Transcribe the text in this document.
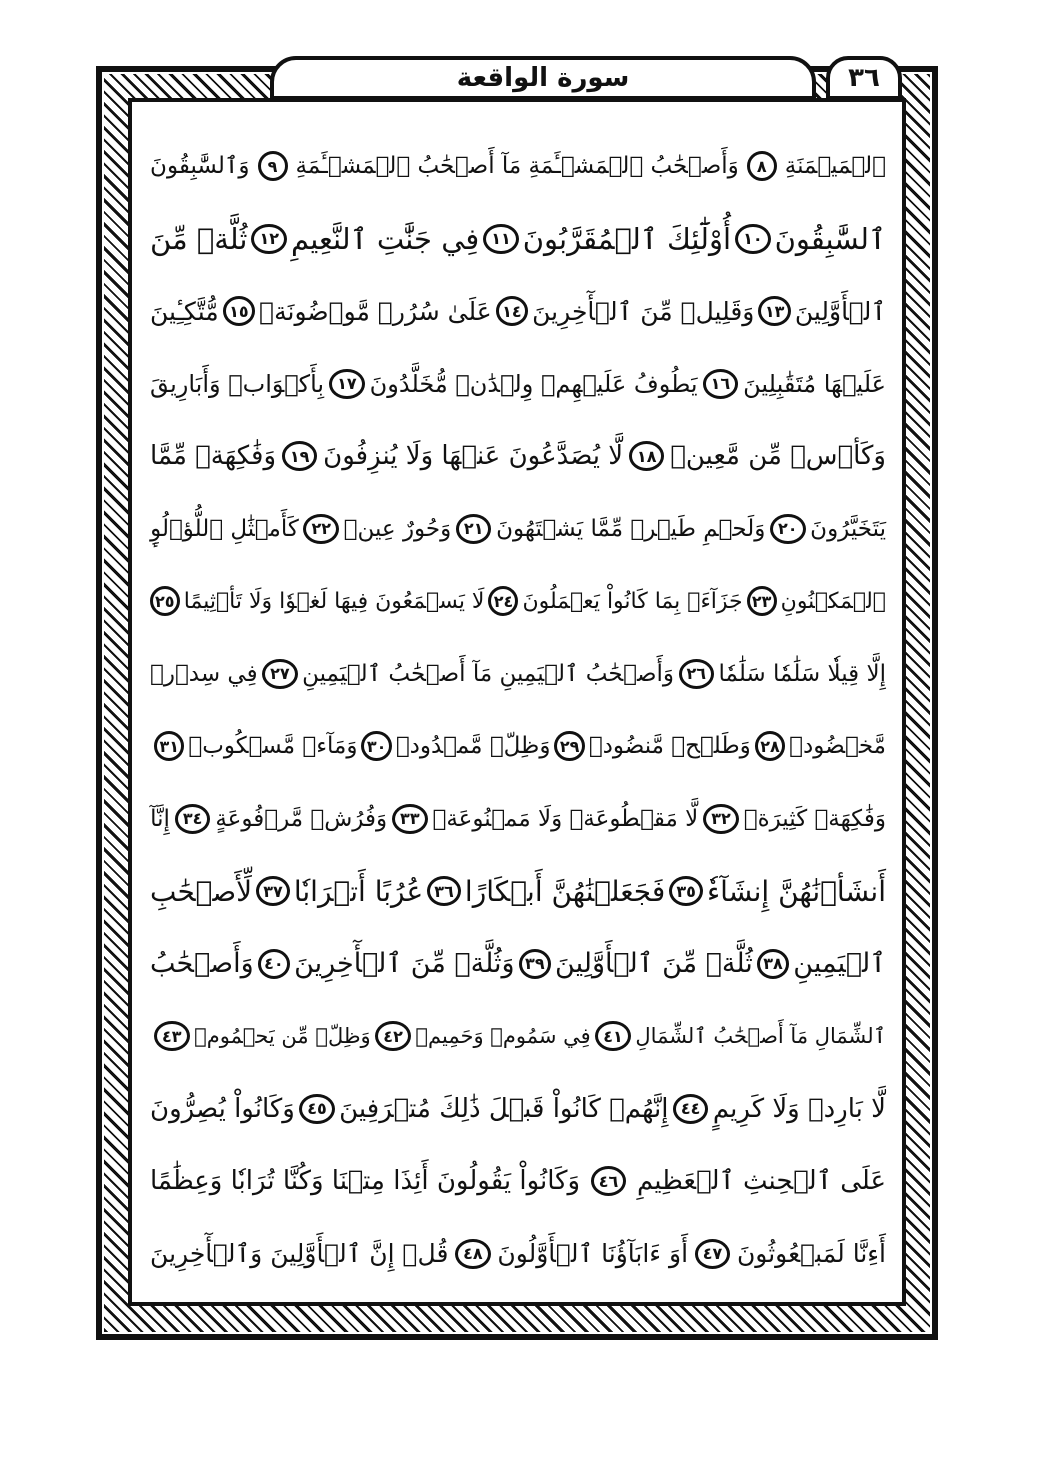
سورة الواقعة	٣٦
ٱلۡمَيۡمَنَةِ
٨
وَأَصۡحَٰبُ ٱلۡمَشۡـَٔمَةِ مَآ أَصۡحَٰبُ ٱلۡمَشۡـَٔمَةِ
٩
وَٱلسَّٰبِقُونَ
ٱلسَّٰبِقُونَ
١٠
أُوْلَٰٓئِكَ ٱلۡمُقَرَّبُونَ
١١
فِي جَنَّٰتِ ٱلنَّعِيمِ
١٢
ثُلَّةٞ مِّنَ
ٱلۡأَوَّلِينَ
١٣
وَقَلِيلٞ مِّنَ ٱلۡأٓخِرِينَ
١٤
عَلَىٰ سُرُرٖ مَّوۡضُونَةٖ
١٥
مُّتَّكِـِٔينَ
عَلَيۡهَا مُتَقَٰبِلِينَ
١٦
يَطُوفُ عَلَيۡهِمۡ وِلۡدَٰنٞ مُّخَلَّدُونَ
١٧
بِأَكۡوَابٖ وَأَبَارِيقَ
وَكَأۡسٖ مِّن مَّعِينٖ
١٨
لَّا يُصَدَّعُونَ عَنۡهَا وَلَا يُنزِفُونَ
١٩
وَفَٰكِهَةٖ مِّمَّا
يَتَخَيَّرُونَ
٢٠
وَلَحۡمِ طَيۡرٖ مِّمَّا يَشۡتَهُونَ
٢١
وَحُورٌ عِينٞ
٢٢
كَأَمۡثَٰلِ ٱللُّؤۡلُوِٕ
ٱلۡمَكۡنُونِ
٢٣
جَزَآءَۢ بِمَا كَانُواْ يَعۡمَلُونَ
٢٤
لَا يَسۡمَعُونَ فِيهَا لَغۡوٗا وَلَا تَأۡثِيمًا
٢٥
إِلَّا قِيلٗا سَلَٰمٗا سَلَٰمٗا
٢٦
وَأَصۡحَٰبُ ٱلۡيَمِينِ مَآ أَصۡحَٰبُ ٱلۡيَمِينِ
٢٧
فِي سِدۡرٖ
مَّخۡضُودٖ
٢٨
وَطَلۡحٖ مَّنضُودٖ
٢٩
وَظِلّٖ مَّمۡدُودٖ
٣٠
وَمَآءٖ مَّسۡكُوبٖ
٣١
وَفَٰكِهَةٖ كَثِيرَةٖ
٣٢
لَّا مَقۡطُوعَةٖ وَلَا مَمۡنُوعَةٖ
٣٣
وَفُرُشٖ مَّرۡفُوعَةٍ
٣٤
إِنَّآ
أَنشَأۡنَٰهُنَّ إِنشَآءٗ
٣٥
فَجَعَلۡنَٰهُنَّ أَبۡكَارًا
٣٦
عُرُبًا أَتۡرَابٗا
٣٧
لِّأَصۡحَٰبِ
ٱلۡيَمِينِ
٣٨
ثُلَّةٞ مِّنَ ٱلۡأَوَّلِينَ
٣٩
وَثُلَّةٞ مِّنَ ٱلۡأٓخِرِينَ
٤٠
وَأَصۡحَٰبُ
ٱلشِّمَالِ مَآ أَصۡحَٰبُ ٱلشِّمَالِ
٤١
فِي سَمُومٖ وَحَمِيمٖ
٤٢
وَظِلّٖ مِّن يَحۡمُومٖ
٤٣
لَّا بَارِدٖ وَلَا كَرِيمٍ
٤٤
إِنَّهُمۡ كَانُواْ قَبۡلَ ذَٰلِكَ مُتۡرَفِينَ
٤٥
وَكَانُواْ يُصِرُّونَ
عَلَى ٱلۡحِنثِ ٱلۡعَظِيمِ
٤٦
وَكَانُواْ يَقُولُونَ أَئِذَا مِتۡنَا وَكُنَّا تُرَابٗا وَعِظَٰمًا
أَءِنَّا لَمَبۡعُوثُونَ
٤٧
أَوَ ءَابَآؤُنَا ٱلۡأَوَّلُونَ
٤٨
قُلۡ إِنَّ ٱلۡأَوَّلِينَ وَٱلۡأٓخِرِينَ
